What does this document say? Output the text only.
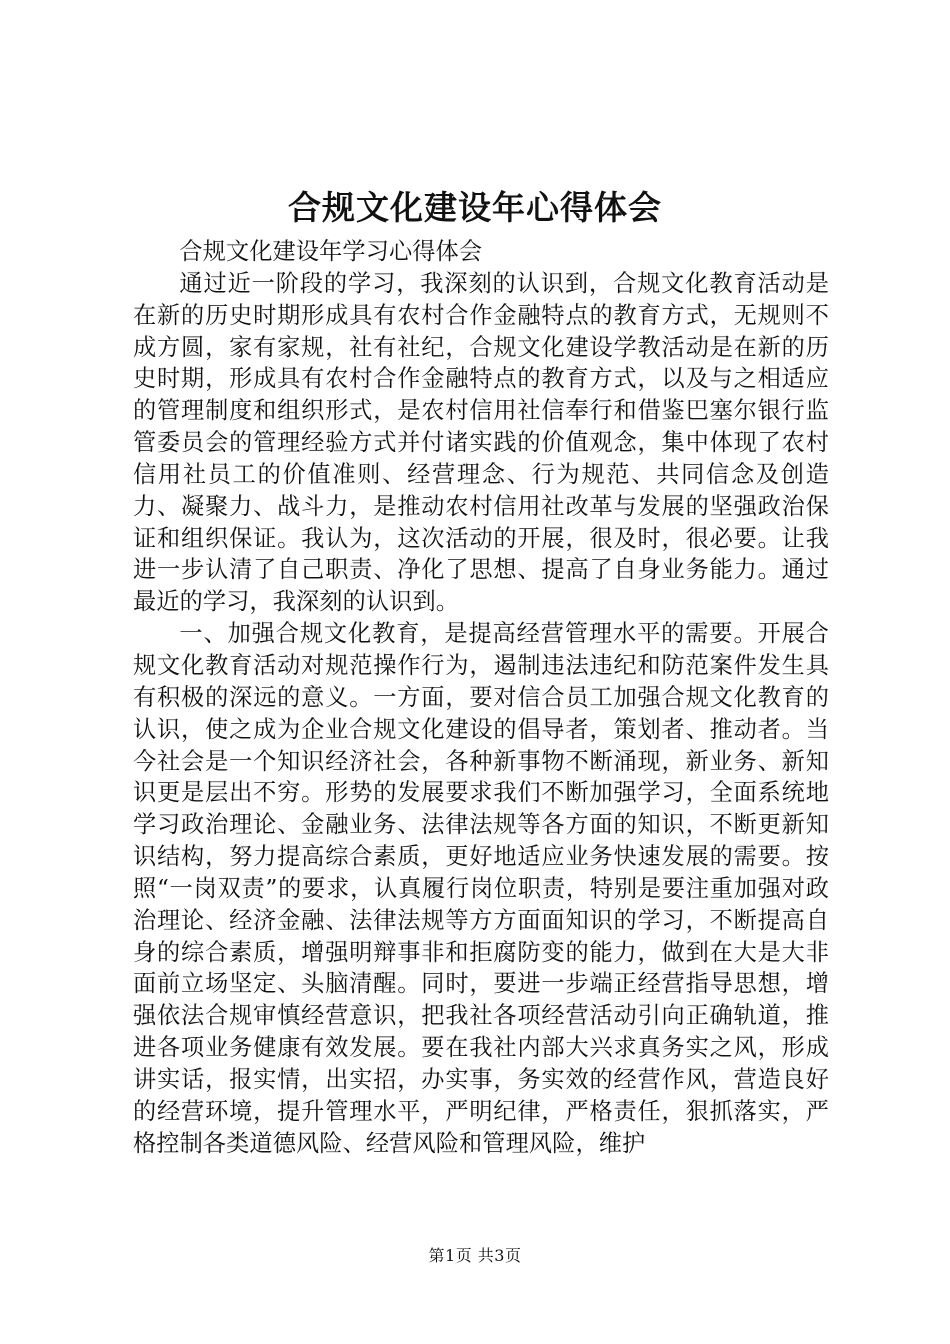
合规文化建设年心得体会

合规文化建设年学习心得体会

通过近一阶段的学习，我深刻的认识到，合规文化教育活动是在新的历史时期形成具有农村合作金融特点的教育方式，无规则不成方圆，家有家规，社有社纪，合规文化建设学教活动是在新的历史时期，形成具有农村合作金融特点的教育方式，以及与之相适应的管理制度和组织形式，是农村信用社信奉行和借鉴巴塞尔银行监管委员会的管理经验方式并付诸实践的价值观念，集中体现了农村信用社员工的价值准则、经营理念、行为规范、共同信念及创造力、凝聚力、战斗力，是推动农村信用社改革与发展的坚强政治保证和组织保证。我认为，这次活动的开展，很及时，很必要。让我进一步认清了自己职责、净化了思想、提高了自身业务能力。通过最近的学习，我深刻的认识到。

一、加强合规文化教育，是提高经营管理水平的需要。开展合规文化教育活动对规范操作行为，遏制违法违纪和防范案件发生具有积极的深远的意义。一方面，要对信合员工加强合规文化教育的认识，使之成为企业合规文化建设的倡导者，策划者、推动者。当今社会是一个知识经济社会，各种新事物不断涌现，新业务、新知识更是层出不穷。形势的发展要求我们不断加强学习，全面系统地学习政治理论、金融业务、法律法规等各方面的知识，不断更新知识结构，努力提高综合素质，更好地适应业务快速发展的需要。按照“一岗双责”的要求，认真履行岗位职责，特别是要注重加强对政治理论、经济金融、法律法规等方方面面知识的学习，不断提高自身的综合素质，增强明辩事非和拒腐防变的能力，做到在大是大非面前立场坚定、头脑清醒。同时，要进一步端正经营指导思想，增强依法合规审慎经营意识，把我社各项经营活动引向正确轨道，推进各项业务健康有效发展。要在我社内部大兴求真务实之风，形成讲实话，报实情，出实招，办实事，务实效的经营作风，营造良好的经营环境，提升管理水平，严明纪律，严格责任，狠抓落实，严格控制各类道德风险、经营风险和管理风险，维护

第1页 共3页
